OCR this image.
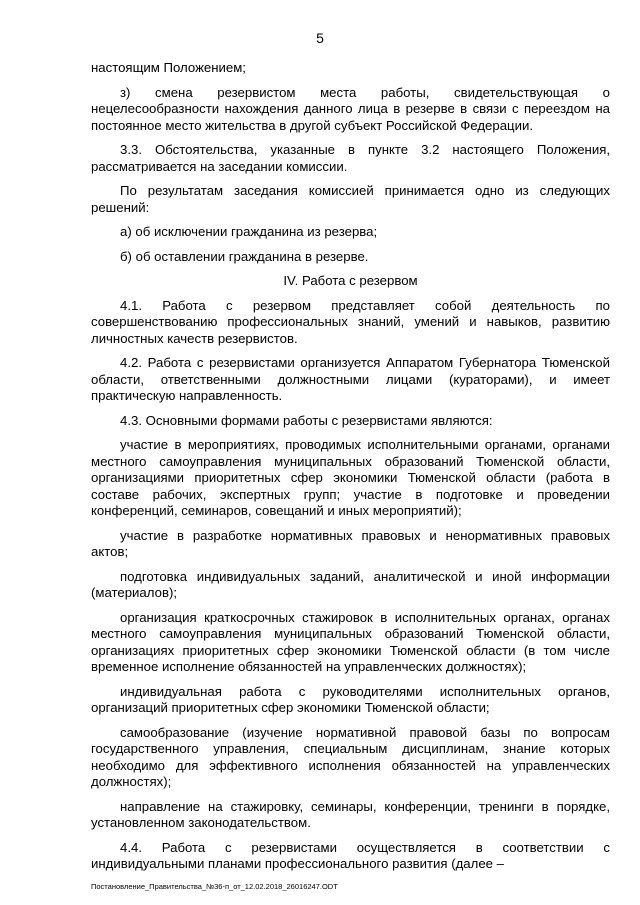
5

настоящим Положением;

з) смена резервистом места работы, свидетельствующая о нецелесообразности нахождения данного лица в резерве в связи с переездом на постоянное место жительства в другой субъект Российской Федерации.

3.3. Обстоятельства, указанные в пункте 3.2 настоящего Положения, рассматривается на заседании комиссии.

По результатам заседания комиссией принимается одно из следующих решений:

а) об исключении гражданина из резерва;

б) об оставлении гражданина в резерве.

IV. Работа с резервом

4.1. Работа с резервом представляет собой деятельность по совершенствованию профессиональных знаний, умений и навыков, развитию личностных качеств резервистов.

4.2. Работа с резервистами организуется Аппаратом Губернатора Тюменской области, ответственными должностными лицами (кураторами), и имеет практическую направленность.

4.3. Основными формами работы с резервистами являются:

участие в мероприятиях, проводимых исполнительными органами, органами местного самоуправления муниципальных образований Тюменской области, организациями приоритетных сфер экономики Тюменской области (работа в составе рабочих, экспертных групп; участие в подготовке и проведении конференций, семинаров, совещаний и иных мероприятий);

участие в разработке нормативных правовых и ненормативных правовых актов;

подготовка индивидуальных заданий, аналитической и иной информации (материалов);

организация краткосрочных стажировок в исполнительных органах, органах местного самоуправления муниципальных образований Тюменской области, организациях приоритетных сфер экономики Тюменской области (в том числе временное исполнение обязанностей на управленческих должностях);

индивидуальная работа с руководителями исполнительных органов, организаций приоритетных сфер экономики Тюменской области;

самообразование (изучение нормативной правовой базы по вопросам государственного управления, специальным дисциплинам, знание которых необходимо для эффективного исполнения обязанностей на управленческих должностях);

направление на стажировку, семинары, конференции, тренинги в порядке, установленном законодательством.

4.4. Работа с резервистами осуществляется в соответствии с индивидуальными планами профессионального развития (далее –

Постановление_Правительства_№36-п_от_12.02.2018_26016247.ODT
